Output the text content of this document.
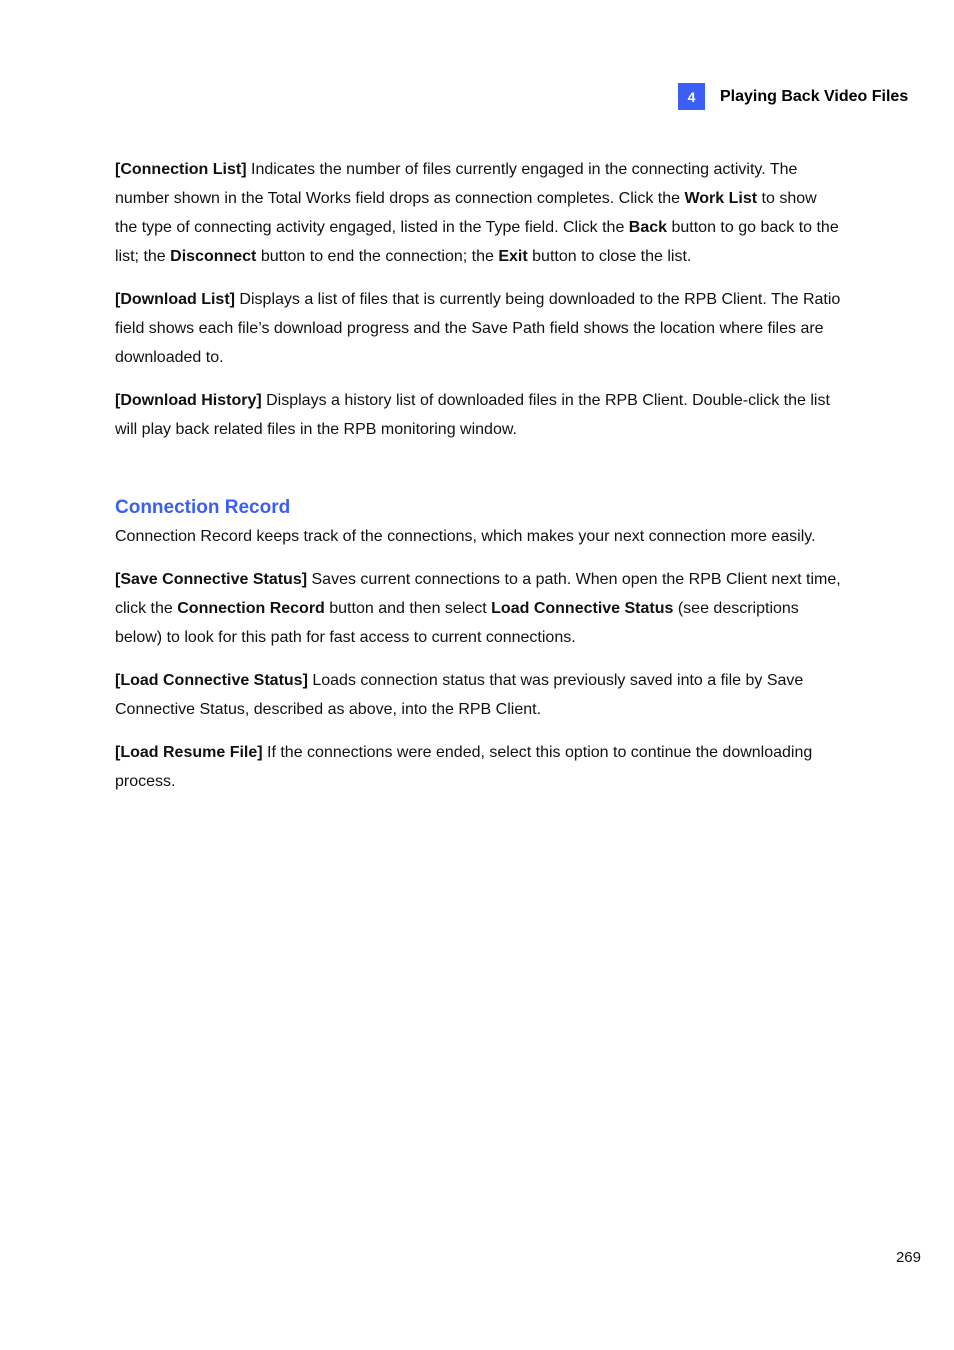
4	Playing Back Video Files

[Connection List] Indicates the number of files currently engaged in the connecting activity. The number shown in the Total Works field drops as connection completes. Click the Work List to show the type of connecting activity engaged, listed in the Type field. Click the Back button to go back to the list; the Disconnect button to end the connection; the Exit button to close the list.

[Download List] Displays a list of files that is currently being downloaded to the RPB Client. The Ratio field shows each file’s download progress and the Save Path field shows the location where files are downloaded to.

[Download History] Displays a history list of downloaded files in the RPB Client. Double-click the list will play back related files in the RPB monitoring window.

Connection Record

Connection Record keeps track of the connections, which makes your next connection more easily.

[Save Connective Status] Saves current connections to a path. When open the RPB Client next time, click the Connection Record button and then select Load Connective Status (see descriptions below) to look for this path for fast access to current connections.

[Load Connective Status] Loads connection status that was previously saved into a file by Save Connective Status, described as above, into the RPB Client.

[Load Resume File] If the connections were ended, select this option to continue the downloading process.

269
